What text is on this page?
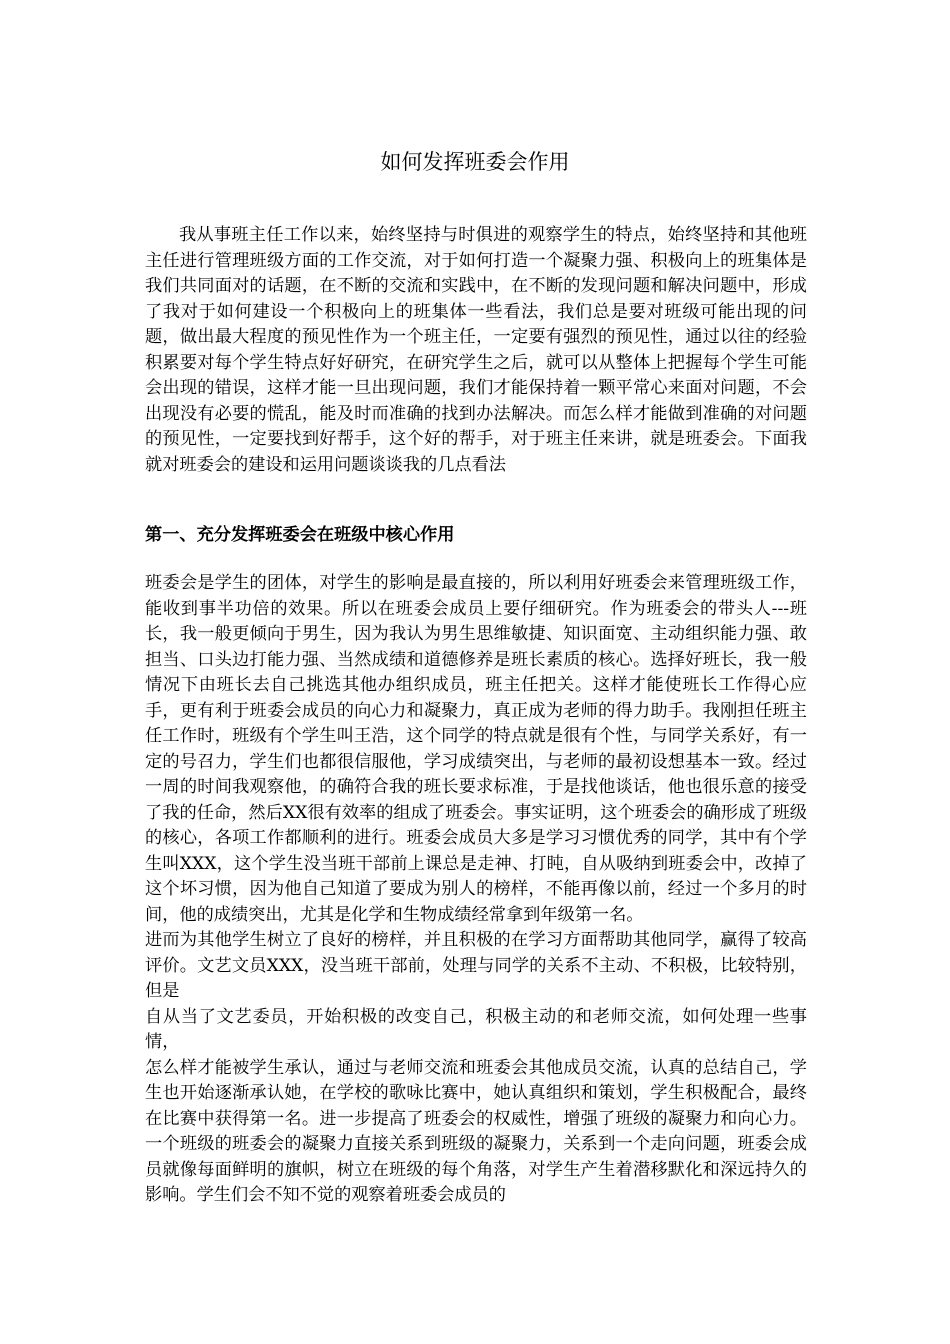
如何发挥班委会作用

我从事班主任工作以来，始终坚持与时俱进的观察学生的特点，始终坚持和其他班主任进行管理班级方面的工作交流，对于如何打造一个凝聚力强、积极向上的班集体是我们共同面对的话题，在不断的交流和实践中，在不断的发现问题和解决问题中，形成了我对于如何建设一个积极向上的班集体一些看法，我们总是要对班级可能出现的问题，做出最大程度的预见性作为一个班主任，一定要有强烈的预见性，通过以往的经验积累要对每个学生特点好好研究，在研究学生之后，就可以从整体上把握每个学生可能会出现的错误，这样才能一旦出现问题，我们才能保持着一颗平常心来面对问题，不会出现没有必要的慌乱，能及时而准确的找到办法解决。而怎么样才能做到准确的对问题的预见性，一定要找到好帮手，这个好的帮手，对于班主任来讲，就是班委会。下面我就对班委会的建设和运用问题谈谈我的几点看法

第一、充分发挥班委会在班级中核心作用

班委会是学生的团体，对学生的影响是最直接的，所以利用好班委会来管理班级工作，能收到事半功倍的效果。所以在班委会成员上要仔细研究。作为班委会的带头人---班长，我一般更倾向于男生，因为我认为男生思维敏捷、知识面宽、主动组织能力强、敢担当、口头边打能力强、当然成绩和道德修养是班长素质的核心。选择好班长，我一般情况下由班长去自己挑选其他办组织成员，班主任把关。这样才能使班长工作得心应手，更有利于班委会成员的向心力和凝聚力，真正成为老师的得力助手。我刚担任班主任工作时，班级有个学生叫王浩，这个同学的特点就是很有个性，与同学关系好，有一定的号召力，学生们也都很信服他，学习成绩突出，与老师的最初设想基本一致。经过一周的时间我观察他，的确符合我的班长要求标准，于是找他谈话，他也很乐意的接受了我的任命，然后XX很有效率的组成了班委会。事实证明，这个班委会的确形成了班级的核心，各项工作都顺利的进行。班委会成员大多是学习习惯优秀的同学，其中有个学生叫XXX，这个学生没当班干部前上课总是走神、打盹，自从吸纳到班委会中，改掉了这个坏习惯，因为他自己知道了要成为别人的榜样，不能再像以前，经过一个多月的时间，他的成绩突出，尤其是化学和生物成绩经常拿到年级第一名。

进而为其他学生树立了良好的榜样，并且积极的在学习方面帮助其他同学，赢得了较高评价。文艺文员XXX，没当班干部前，处理与同学的关系不主动、不积极，比较特别，但是

自从当了文艺委员，开始积极的改变自己，积极主动的和老师交流，如何处理一些事情，

怎么样才能被学生承认，通过与老师交流和班委会其他成员交流，认真的总结自己，学生也开始逐渐承认她，在学校的歌咏比赛中，她认真组织和策划，学生积极配合，最终在比赛中获得第一名。进一步提高了班委会的权威性，增强了班级的凝聚力和向心力。一个班级的班委会的凝聚力直接关系到班级的凝聚力，关系到一个走向问题，班委会成员就像每面鲜明的旗帜，树立在班级的每个角落，对学生产生着潜移默化和深远持久的影响。学生们会不知不觉的观察着班委会成员的
